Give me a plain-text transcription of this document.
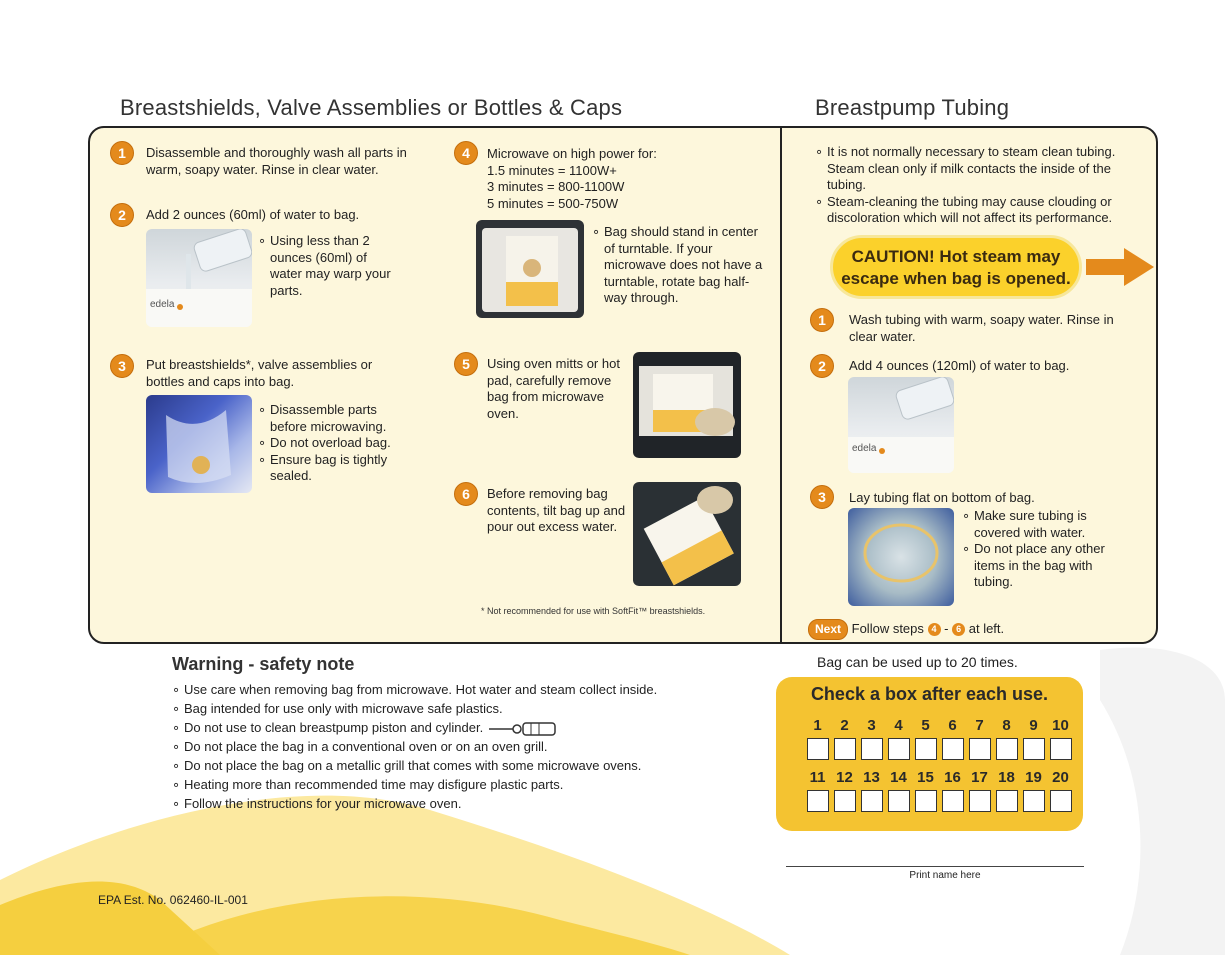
Breastshields, Valve Assemblies or Bottles & Caps	Breastpump Tubing
1	Disassemble and thoroughly wash all parts in warm, soapy water. Rinse in clear water.
2	Add 2 ounces (60ml) of water to bag.
edela
∘ Using less than 2 ounces (60ml) of water may warp your parts.
3	Put breastshields*, valve assemblies or bottles and caps into bag.
∘ Disassemble parts before microwaving.
∘ Do not overload bag.
∘ Ensure bag is tightly sealed.
4	Microwave on high power for:
1.5 minutes = 1100W+
3 minutes = 800-1100W
5 minutes = 500-750W
∘ Bag should stand in center of turntable. If your microwave does not have a turntable, rotate bag half-way through.
5	Using oven mitts or hot pad, carefully remove bag from microwave oven.
6	Before removing bag contents, tilt bag up and pour out excess water.
* Not recommended for use with SoftFit™ breastshields.
∘ It is not normally necessary to steam clean tubing. Steam clean only if milk contacts the inside of the tubing.
∘ Steam-cleaning the tubing may cause clouding or discoloration which will not affect its performance.
CAUTION! Hot steam may
escape when bag is opened.
1	Wash tubing with warm, soapy water. Rinse in clear water.
2	Add 4 ounces (120ml) of water to bag.
edela
3	Lay tubing flat on bottom of bag.
∘ Make sure tubing is covered with water.
∘ Do not place any other items in the bag with tubing.
Next Follow steps 4 - 6 at left.
Warning - safety note
∘ Use care when removing bag from microwave. Hot water and steam collect inside.
∘ Bag intended for use only with microwave safe plastics.
∘ Do not use to clean breastpump piston and cylinder.
∘ Do not place the bag in a conventional oven or on an oven grill.
∘ Do not place the bag on a metallic grill that comes with some microwave ovens.
∘ Heating more than recommended time may disfigure plastic parts.
∘ Follow the instructions for your microwave oven.
Bag can be used up to 20 times.
Check a box after each use.
1	2	3	4	5	6	7	8	9 10
11 12 13 14 15 16 17 18 19 20
Print name here
EPA Est. No. 062460-IL-001
